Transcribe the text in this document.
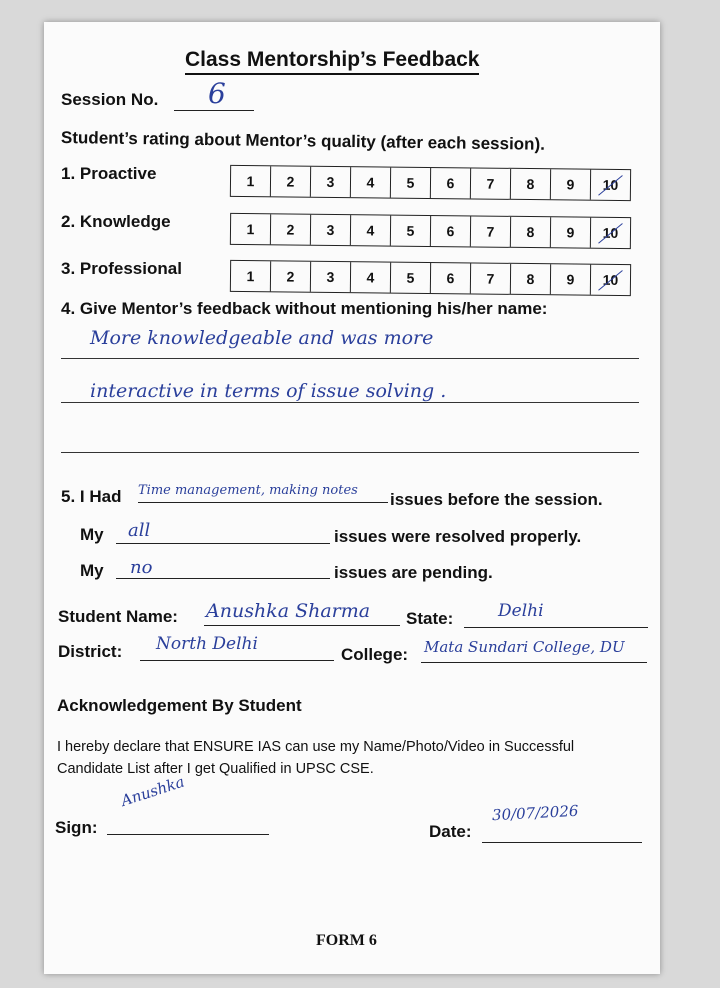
Class Mentorship’s Feedback
Session No. 6
Student’s rating about Mentor’s quality (after each session).
1. Proactive	1	2	3	4	5	6	7	8	9	10
2. Knowledge	1	2	3	4	5	6	7	8	9	10
3. Professional	1	2	3	4	5	6	7	8	9	10
4. Give Mentor’s feedback without mentioning his/her name:
More knowledgeable and was more
interactive in terms of issue solving .
5. I Had Time management, making notes issues before the session.
My all	issues were resolved properly.
My no	issues are pending.
Student Name: Anushka Sharma State:	Delhi
District: North Delhi
College: Mata Sundari College, DU
Acknowledgement By Student
I hereby declare that ENSURE IAS can use my Name/Photo/Video in Successful
Candidate List after I get Qualified in UPSC CSE.
Sign:
Anushka
Date:
30/07/2026
FORM 6
